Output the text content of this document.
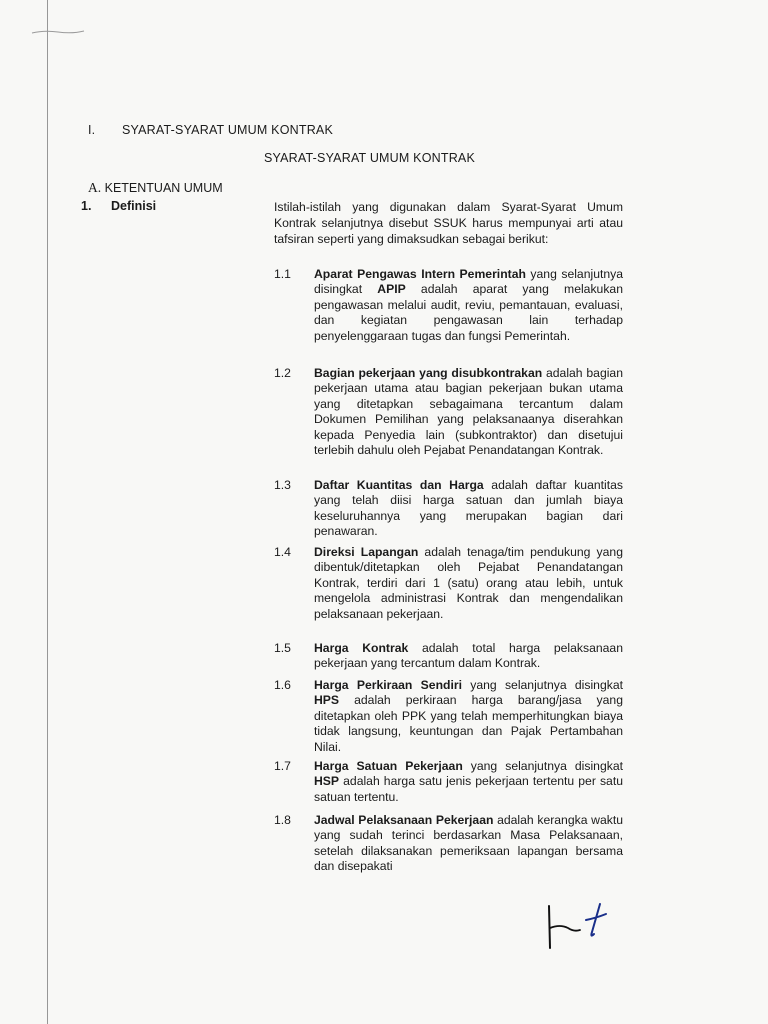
I. SYARAT-SYARAT UMUM KONTRAK
SYARAT-SYARAT UMUM KONTRAK
A. KETENTUAN UMUM
1. Definisi	Istilah-istilah yang digunakan dalam Syarat-Syarat Umum Kontrak selanjutnya disebut SSUK harus mempunyai arti atau tafsiran seperti yang dimaksudkan sebagai berikut:
1.1	Aparat Pengawas Intern Pemerintah yang selanjutnya disingkat APIP adalah aparat yang melakukan pengawasan melalui audit, reviu, pemantauan, evaluasi, dan kegiatan pengawasan lain terhadap penyelenggaraan tugas dan fungsi Pemerintah.
1.2	Bagian pekerjaan yang disubkontrakan adalah bagian pekerjaan utama atau bagian pekerjaan bukan utama yang ditetapkan sebagaimana tercantum dalam Dokumen Pemilihan yang pelaksanaanya diserahkan kepada Penyedia lain (subkontraktor) dan disetujui terlebih dahulu oleh Pejabat Penandatangan Kontrak.
1.3	Daftar Kuantitas dan Harga adalah daftar kuantitas yang telah diisi harga satuan dan jumlah biaya keseluruhannya yang merupakan bagian dari penawaran.
1.4	Direksi Lapangan adalah tenaga/tim pendukung yang dibentuk/ditetapkan oleh Pejabat Penandatangan Kontrak, terdiri dari 1 (satu) orang atau lebih, untuk mengelola administrasi Kontrak dan mengendalikan pelaksanaan pekerjaan.
1.5	Harga Kontrak adalah total harga pelaksanaan pekerjaan yang tercantum dalam Kontrak.
1.6	Harga Perkiraan Sendiri yang selanjutnya disingkat HPS adalah perkiraan harga barang/jasa yang ditetapkan oleh PPK yang telah memperhitungkan biaya tidak langsung, keuntungan dan Pajak Pertambahan Nilai.
1.7	Harga Satuan Pekerjaan yang selanjutnya disingkat HSP adalah harga satu jenis pekerjaan tertentu per satu satuan tertentu.
1.8	Jadwal Pelaksanaan Pekerjaan adalah kerangka waktu yang sudah terinci berdasarkan Masa Pelaksanaan, setelah dilaksanakan pemeriksaan lapangan bersama dan disepakati
